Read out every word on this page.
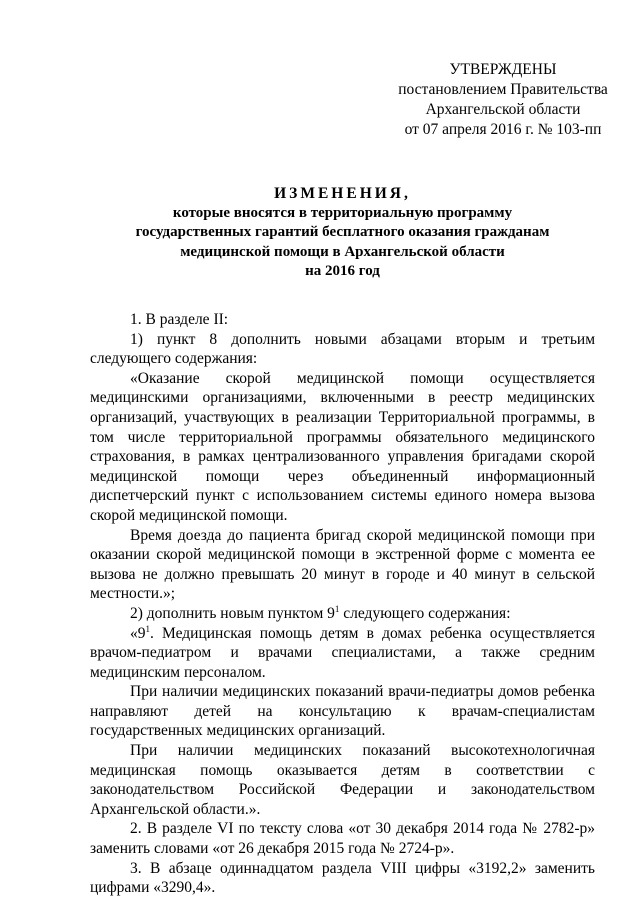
УТВЕРЖДЕНЫ
постановлением Правительства
Архангельской области
от 07 апреля 2016 г. № 103-пп
ИЗМЕНЕНИЯ,
которые вносятся в территориальную программу
государственных гарантий бесплатного оказания гражданам
медицинской помощи в Архангельской области
на 2016 год

1. В разделе II:

1) пункт 8 дополнить новыми абзацами вторым и третьим следующего содержания:

«Оказание скорой медицинской помощи осуществляется медицинскими организациями, включенными в реестр медицинских организаций, участвующих в реализации Территориальной программы, в том числе территориальной программы обязательного медицинского страхования, в рамках централизованного управления бригадами скорой медицинской помощи через объединенный информационный диспетчерский пункт с использованием системы единого номера вызова скорой медицинской помощи.

Время доезда до пациента бригад скорой медицинской помощи при оказании скорой медицинской помощи в экстренной форме с момента ее вызова не должно превышать 20 минут в городе и 40 минут в сельской местности.»;

2) дополнить новым пунктом $9^1$ следующего содержания:

«$9^1$. Медицинская помощь детям в домах ребенка осуществляется врачом-педиатром и врачами специалистами, а также средним медицинским персоналом.

При наличии медицинских показаний врачи-педиатры домов ребенка направляют детей на консультацию к врачам-специалистам государственных медицинских организаций.

При наличии медицинских показаний высокотехнологичная медицинская помощь оказывается детям в соответствии с законодательством Российской Федерации и законодательством Архангельской области.».

2. В разделе VI по тексту слова «от 30 декабря 2014 года № 2782-р» заменить словами «от 26 декабря 2015 года № 2724-р».

3. В абзаце одиннадцатом раздела VIII цифры «3192,2» заменить цифрами «3290,4».
